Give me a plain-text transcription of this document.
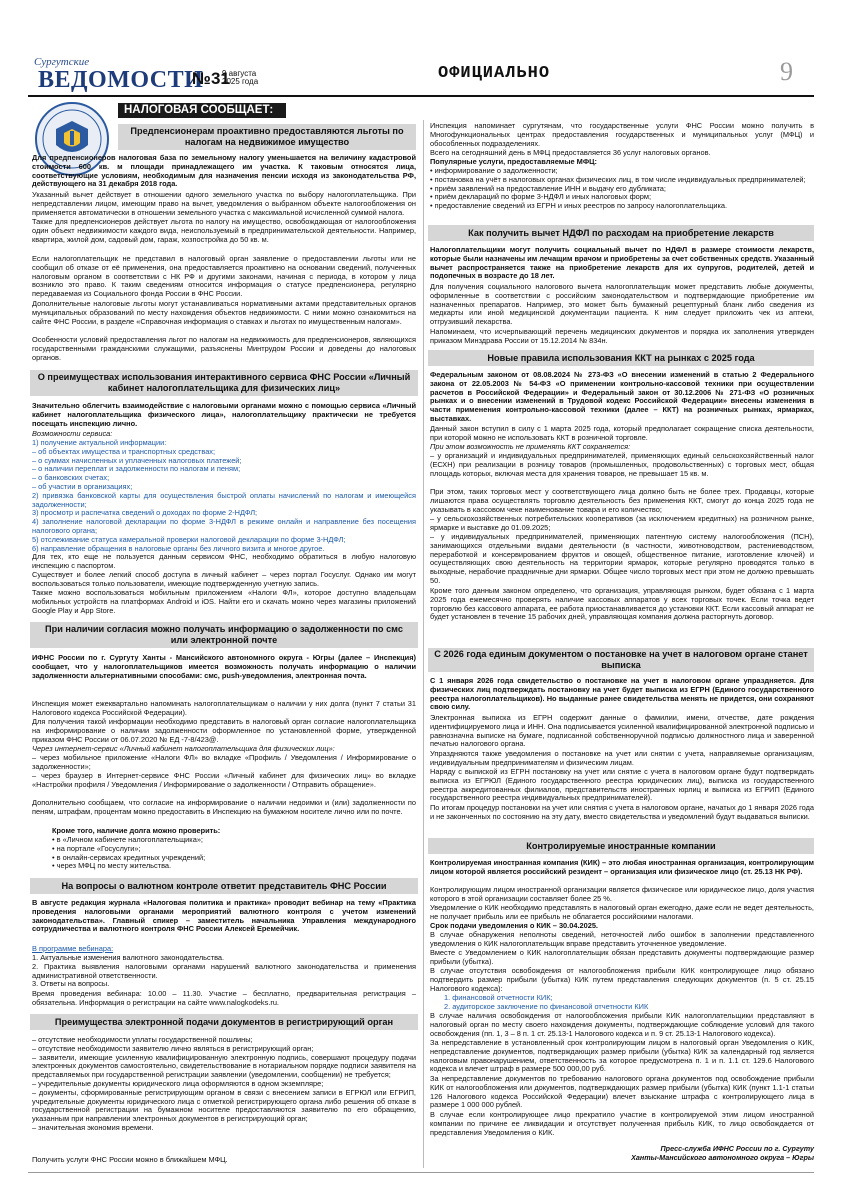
Сургутские
ВЕДОМОСТИ
№31
9 августа
2025 года	ОФИЦИАЛЬНО	9
НАЛОГОВАЯ СООБЩАЕТ:
Предпенсионерам проактивно предоставляются льготы по налогам на недвижимое имущество
Для предпенсионеров налоговая база по земельному налогу уменьшается на величину кадастровой стоимости 600 кв. м площади принадлежащего им участка. К таковым относятся лица, соответствующие условиям, необходимым для назначения пенсии исходя из законодательства РФ, действующего на 31 декабря 2018 года.
Указанный вычет действует в отношении одного земельного участка по выбору налогоплательщика. При непредставлении лицом, имеющим право на вычет, уведомления о выбранном объекте налогообложения он применяется автоматически в отношении земельного участка с максимальной исчисленной суммой налога.
Также для предпенсионеров действует льгота по налогу на имущество, освобождающая от налогообложения один объект недвижимости каждого вида, неиспользуемый в предпринимательской деятельности. Например, квартира, жилой дом, садовый дом, гараж, хозпостройка до 50 кв. м.
Если налогоплательщик не представил в налоговый орган заявление о предоставлении льготы или не сообщил об отказе от её применения, она предоставляется проактивно на основании сведений, полученных налоговым органом в соответствии с НК РФ и другими законами, начиная с периода, в котором у лица возникло это право. К таким сведениям относится информация о статусе предпенсионера, регулярно передаваемая из Социального фонда России в ФНС России.
Дополнительные налоговые льготы могут устанавливаться нормативными актами представительных органов муниципальных образований по месту нахождения объектов недвижимости. С ними можно ознакомиться на сайте ФНС России, в разделе «Справочная информация о ставках и льготах по имущественным налогам».
Особенности условий предоставления льгот по налогам на недвижимость для предпенсионеров, являющихся государственными гражданскими служащими, разъяснены Минтрудом России и доведены до налоговых органов.
О преимуществах использования интерактивного сервиса ФНС России «Личный кабинет налогоплательщика для физических лиц»
Значительно облегчить взаимодействие с налоговыми органами можно с помощью сервиса «Личный кабинет налогоплательщика физического лица», налогоплательщику практически не требуется посещать инспекцию лично.
Возможности сервиса:
1) получение актуальной информации:
– об объектах имущества и транспортных средствах;
– о суммах начисленных и уплаченных налоговых платежей;
– о наличии переплат и задолженности по налогам и пеням;
– о банковских счетах;
– об участии в организациях;
2) привязка банковской карты для осуществления быстрой оплаты начислений по налогам и имеющейся задолженности;
3) просмотр и распечатка сведений о доходах по форме 2-НДФЛ;
4) заполнение налоговой декларации по форме 3-НДФЛ в режиме онлайн и направление без посещения налогового органа;
5) отслеживание статуса камеральной проверки налоговой декларации по форме 3-НДФЛ;
6) направление обращения в налоговые органы без личного визита и многое другое.
Для тех, кто еще не пользуется данным сервисом ФНС, необходимо обратиться в любую налоговую инспекцию с паспортом.
Существует и более легкий способ доступа в личный кабинет – через портал Госуслуг. Однако им могут воспользоваться только пользователи, имеющие подтвержденную учетную запись.
Также можно воспользоваться мобильным приложением «Налоги ФЛ», которое доступно владельцам мобильных устройств на платформах Android и iOS. Найти его и скачать можно через магазины приложений Google Play и App Store.
При наличии согласия можно получать информацию о задолженности по смс или электронной почте
ИФНС России по г. Сургуту Ханты - Мансийского автономного округа - Югры (далее – Инспекция) сообщает, что у налогоплательщиков имеется возможность получать информацию о наличии задолженности альтернативными способами: смс, push-уведомления, электронная почта.
Инспекция может ежеквартально напоминать налогоплательщикам о наличии у них долга (пункт 7 статьи 31 Налогового кодекса Российской Федерации).
Для получения такой информации необходимо представить в налоговый орган согласие налогоплательщика на информирование о наличии задолженности оформленное по установленной форме, утвержденной приказом ФНС России от 06.07.2020 № ЕД -7-8/423@.
Через интернет-сервис «Личный кабинет налогоплательщика для физических лиц»:
– через мобильное приложение «Налоги ФЛ» во вкладке «Профиль / Уведомления / Информирование о задолженности»;
– через браузер в Интернет-сервисе ФНС России «Личный кабинет для физических лиц» во вкладке «Настройки профиля / Уведомления / Информирование о задолженности / Отправить обращение».
Дополнительно сообщаем, что согласие на информирование о наличии недоимки и (или) задолженности по пеням, штрафам, процентам можно предоставить в Инспекцию на бумажном носителе лично или по почте.
Кроме того, наличие долга можно проверить:
• в «Личном кабинете налогоплательщика»;
• на портале «Госуслуги»;
• в онлайн-сервисах кредитных учреждений;
• через МФЦ по месту жительства.
На вопросы о валютном контроле ответит представитель ФНС России
В августе редакция журнала «Налоговая политика и практика» проводит вебинар на тему «Практика проведения налоговыми органами мероприятий валютного контроля с учетом изменений законодательства». Главный спикер – заместитель начальника Управления международного сотрудничества и валютного контроля ФНС России Алексей Еремейчик.
В программе вебинара:
1. Актуальные изменения валютного законодательства.
2. Практика выявления налоговыми органами нарушений валютного законодательства и применения административной ответственности.
3. Ответы на вопросы.
Время проведения вебинара: 10.00 – 11.30. Участие – бесплатно, предварительная регистрация – обязательна. Информация о регистрации на сайте www.nalogkodeks.ru.
Преимущества электронной подачи документов в регистрирующий орган
– отсутствие необходимости уплаты государственной пошлины;
– отсутствие необходимости заявителю лично являться в регистрирующий орган;
– заявители, имеющие усиленную квалифицированную электронную подпись, совершают процедуру подачи электронных документов самостоятельно, свидетельствование в нотариальном порядке подписи заявителя на представляемых при государственной регистрации заявлении (уведомлении, сообщении) не требуется;
– учредительные документы юридического лица оформляются в одном экземпляре;
– документы, сформированные регистрирующим органом в связи с внесением записи в ЕГРЮЛ или ЕГРИП, учредительные документы юридического лица с отметкой регистрирующего органа либо решения об отказе в государственной регистрации на бумажном носителе предоставляются заявителю по его обращению, указанным при направлении электронных документов в регистрирующий орган;
– значительная экономия времени.
Получить услуги ФНС России можно в ближайшем МФЦ.
Инспекция напоминает сургутянам, что государственные услуги ФНС России можно получить в Многофункциональных центрах предоставления государственных и муниципальных услуг (МФЦ) и обособленных подразделениях.
Всего на сегодняшний день в МФЦ предоставляется 36 услуг налоговых органов.
Популярные услуги, предоставляемые МФЦ:
• информирование о задолженности;
• постановка на учёт в налоговых органах физических лиц, в том числе индивидуальных предпринимателей;
• приём заявлений на предоставление ИНН и выдачу его дубликата;
• приём деклараций по форме 3-НДФЛ и иных налоговых форм;
• предоставление сведений из ЕГРН и иных реестров по запросу налогоплательщика.
Как получить вычет НДФЛ по расходам на приобретение лекарств
Налогоплательщики могут получить социальный вычет по НДФЛ в размере стоимости лекарств, которые были назначены им лечащим врачом и приобретены за счет собственных средств. Указанный вычет распространяется также на приобретение лекарств для их супругов, родителей, детей и подопечных в возрасте до 18 лет.
Для получения социального налогового вычета налогоплательщик может представить любые документы, оформленные в соответствии с российским законодательством и подтверждающие приобретение им назначенных препаратов. Например, это может быть бумажный рецептурный бланк либо сведения из медкарты или иной медицинской документации пациента. К ним следует приложить чек из аптеки, отгрузивший лекарства.
Напоминаем, что исчерпывающий перечень медицинских документов и порядка их заполнения утвержден приказом Минздрава России от 15.12.2014 № 834н.
Новые правила использования ККТ на рынках с 2025 года
Федеральным законом от 08.08.2024 № 273-ФЗ «О внесении изменений в статью 2 Федерального закона от 22.05.2003 № 54-ФЗ «О применении контрольно-кассовой техники при осуществлении расчетов в Российской Федерации» и Федеральный закон от 30.12.2006 № 271-ФЗ «О розничных рынках и о внесении изменений в Трудовой кодекс Российской Федерации» внесены изменения в части применения контрольно-кассовой техники (далее – ККТ) на розничных рынках, ярмарках, выставках.
Данный закон вступил в силу с 1 марта 2025 года, который предполагает сокращение списка деятельности, при которой можно не использовать ККТ в розничной торговле.
При этом возможность не применять ККТ сохраняется:
– у организаций и индивидуальных предпринимателей, применяющих единый сельскохозяйственный налог (ЕСХН) при реализации в розницу товаров (промышленных, продовольственных) с торговых мест, общая площадь которых, включая места для хранения товаров, не превышает 15 кв. м.
При этом, таких торговых мест у соответствующего лица должно быть не более трех. Продавцы, которые лишаются права осуществлять торговлю деятельность без применения ККТ, смогут до конца 2025 года не указывать в кассовом чеке наименование товара и его количество;
– у сельскохозяйственных потребительских кооперативов (за исключением кредитных) на розничном рынке, ярмарке и выставке до 01.09.2025;
– у индивидуальных предпринимателей, применяющих патентную систему налогообложения (ПСН), занимающихся отдельными видами деятельности (в частности, животноводством, растениеводством, переработкой и консервированием фруктов и овощей, общественное питание, изготовление ключей) и осуществляющих свою деятельность на территории ярмарок, которые регулярно проводятся только в выходные, нерабочие праздничные дни ярмарки. Общее число торговых мест при этом не должно превышать 50.
Кроме того данным законом определено, что организация, управляющая рынком, будет обязана с 1 марта 2025 года ежемесячно проверять наличие кассовых аппаратов у всех торговых точек. Если точка ведет торговлю без кассового аппарата, ее работа приостанавливается до установки ККТ. Если кассовый аппарат не будет установлен в течение 15 рабочих дней, управляющая компания должна расторгнуть договор.
С 2026 года единым документом о постановке на учет в налоговом органе станет выписка
С 1 января 2026 года свидетельство о постановке на учет в налоговом органе упраздняется. Для физических лиц подтверждать постановку на учет будет выписка из ЕГРН (Единого государственного реестра налогоплательщиков). Но выданные ранее свидетельства менять не придется, они сохраняют свою силу.
Электронная выписка из ЕГРН содержит данные о фамилии, имени, отчестве, дате рождения идентифицируемого лица и ИНН. Она подписывается усиленной квалифицированной электронной подписью и равнозначна выписке на бумаге, подписанной собственноручной подписью должностного лица и заверенной печатью налогового органа.
Упраздняются также уведомления о постановке на учет или снятии с учета, направляемые организациям, индивидуальным предпринимателям и физическим лицам.
Наряду с выпиской из ЕГРН постановку на учет или снятие с учета в налоговом органе будут подтверждать выписка из ЕГРЮЛ (Единого государственного реестра юридических лиц), выписка из государственного реестра аккредитованных филиалов, представительств иностранных юрлиц и выписка из ЕГРИП (Единого государственного реестра индивидуальных предпринимателей).
По итогам процедур постановки на учет или снятия с учета в налоговом органе, начатых до 1 января 2026 года и не законченных по состоянию на эту дату, вместо свидетельства и уведомлений будут выдаваться выписки.
Контролируемые иностранные компании
Контролируемая иностранная компания (КИК) – это любая иностранная организация, контролирующим лицом которой является российский резидент – организация или физическое лицо (ст. 25.13 НК РФ).
Контролирующим лицом иностранной организации является физическое или юридическое лицо, доля участия которого в этой организации составляет более 25 %.
Уведомление о КИК необходимо представлять в налоговый орган ежегодно, даже если не ведет деятельность, не получает прибыль или ее прибыль не облагается российскими налогами.
Срок подачи уведомления о КИК – 30.04.2025.
В случае обнаружения неполноты сведений, неточностей либо ошибок в заполнении представленного уведомления о КИК налогоплательщик вправе представить уточненное уведомление.
Вместе с Уведомлением о КИК налогоплательщик обязан представить документы подтверждающие размер прибыли (убытка).
В случае отсутствия освобождения от налогообложения прибыли КИК контролирующее лицо обязано подтвердить размер прибыли (убытка) КИК путем представления следующих документов (п. 5 ст. 25.15 Налогового кодекса):
1. финансовой отчетности КИК;
2. аудиторское заключение по финансовой отчетности КИК
В случае наличия освобождения от налогообложения прибыли КИК налогоплательщики представляют в налоговый орган по месту своего нахождения документы, подтверждающие соблюдение условий для такого освобождения (пп. 1, 3 – 8 п. 1 ст. 25.13-1 Налогового кодекса и п. 9 ст. 25.13-1 Налогового кодекса).
За непредставление в установленный срок контролирующим лицом в налоговый орган Уведомления о КИК, непредставление документов, подтверждающих размер прибыли (убытка) КИК за календарный год является налоговым правонарушением, ответственность за которое предусмотрена п. 1 и п. 1.1 ст. 129.6 Налогового кодекса и влечет штраф в размере 500 000,00 руб.
За непредставление документов по требованию налогового органа документов под освобождение прибыли КИК от налогообложения или документов, подтверждающих размер прибыли (убытка) КИК (пункт 1.1-1 статьи 126 Налогового кодекса Российской Федерации) влечет взыскание штрафа с контролирующего лица в размере 1 000 000 рублей.
В случае если контролирующее лицо прекратило участие в контролируемой этим лицом иностранной компании по причине ее ликвидации и отсутствует полученная прибыль КИК, то лицо освобождается от представления Уведомления о КИК.
Пресс-служба ИФНС России по г. Сургуту
Ханты-Мансийского автономного округа – Югры
